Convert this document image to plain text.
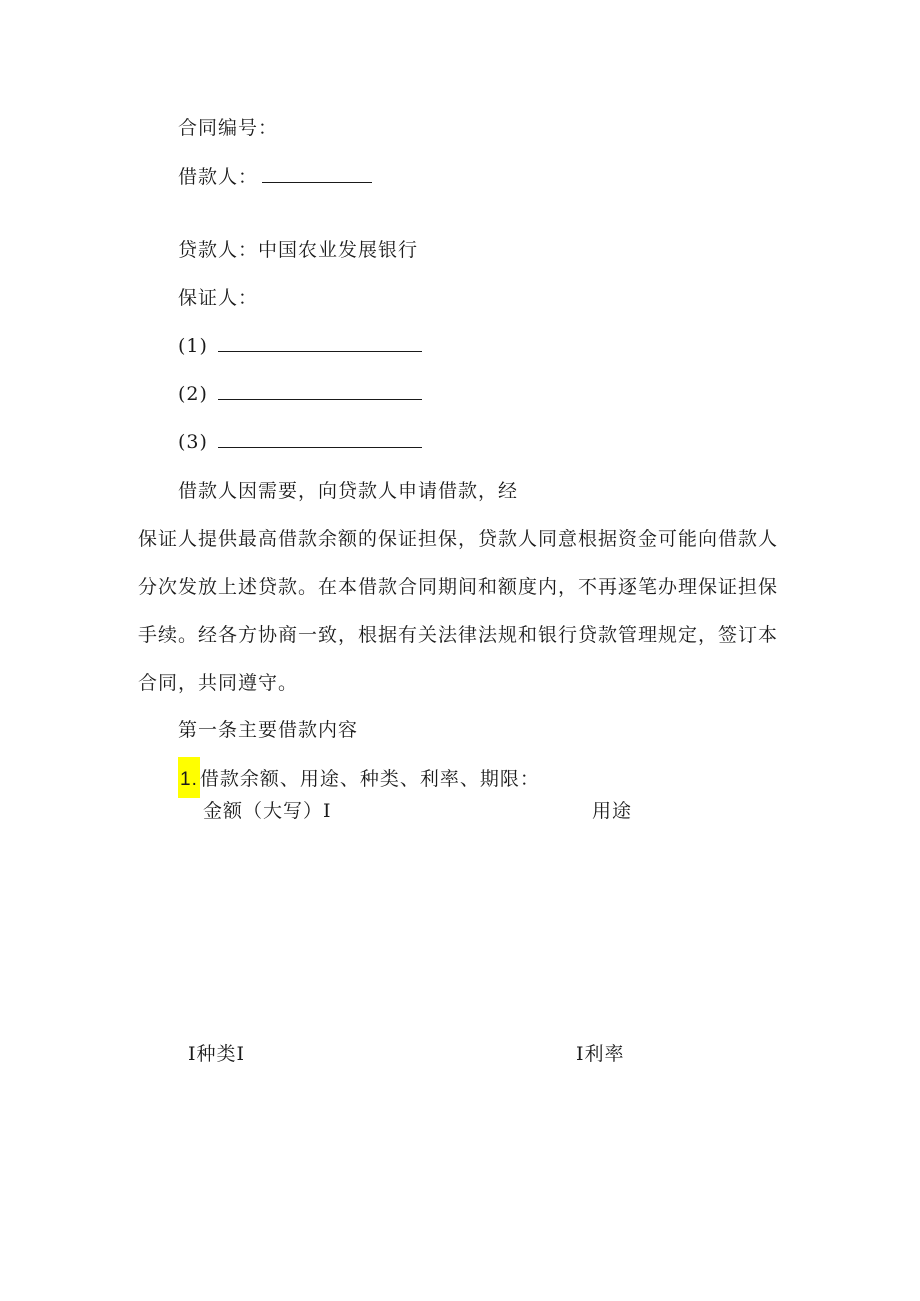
合同编号：
借款人：
贷款人：中国农业发展银行
保证人：
(1)
(2)
(3)
借款人因需要，向贷款人申请借款，经
保证人提供最高借款余额的保证担保，贷款人同意根据资金可能向借款人
分次发放上述贷款。在本借款合同期间和额度内，不再逐笔办理保证担保
手续。经各方协商一致，根据有关法律法规和银行贷款管理规定，签订本
合同，共同遵守。
第一条主要借款内容
1. 借款余额、用途、种类、利率、期限：
金额（大写）I	用途
I种类I	I利率
